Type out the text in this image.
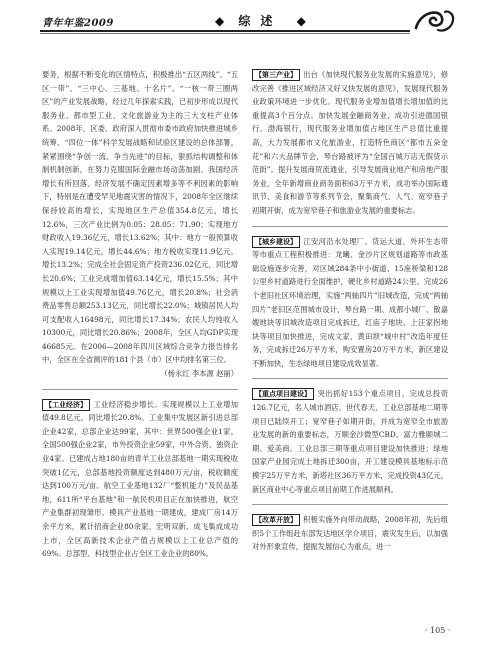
青年年鉴2009	◆ 综述 ◆

要务，根据不断变化的区情特点，积极推出“五区两线”、“五区一带”、“三中心、三基地、十名片”、“一核一带三圈两区”的产业发展战略，经过几年探索实践，已初步形成以现代服务业、都市型工业、文化旅游业为主的三大支柱产业体系。2008年，区委、政府深入贯彻市委市政府加快推进城乡统筹、“四位一体”科学发展战略和试验区建设的总体部署，紧紧围绕“争创一流、争当先进”的目标，狠抓结构调整和体制机制创新，在努力克服国际金融市场动荡加剧、我国经济增长有所回落、经济发展不确定因素增多等不利因素的影响下，特别是在遭受罕见地震灾害的情况下，2008年全区继续保持较高的增长，实现地区生产总值354.8亿元，增长12.6%，三次产业比例为0.05：28.05：71.90；实现地方财政收入19.36亿元，增长13.62%；其中：地方一般预算收入实现19.14亿元，增长44.6%；地方税收实现11.9亿元，增长13.2%；完成全社会固定资产投资236.02亿元，同比增长20.6%；工业完成增加值63.14亿元，增长15.5%；其中规模以上工业实现增加值49.76亿元，增长20.8%；社会消费品零售总额253.13亿元，同比增长22.0%；城镇居民人均可支配收入16498元，同比增长17.34%；农民人均纯收入10300元，同比增长20.86%；2008年，全区人均GDP实现46685元。在2006—2008年四川区域综合竞争力报告排名中，全区在全省测评的181个县（市）区中均排名第三位。

（杨永红 李本源 赵丽）

【工业经济】 工业经济稳步增长。实现规模以上工业增加值49.8亿元，同比增长20.8%。工业集中发展区新引进总部企业42家，总部企业达99家，其中：世界500强企业1家，全国500强企业2家，市外投资企业59家，中外合资、独资企业4家。已建成占地180亩的青羊工业总部基地一期实现税收突破1亿元，总部基地投资额度达到480万元/亩，税收额度达到100万元/亩。航空工业基地132厂“整机能力”及民品基地，611所“平台基地”和一航民机项目正在加快推进，航空产业集群初现雏形。模具产业基地一期建成，建成厂房14万余平方米，累计招商企业80余家。宏明双新、成飞集成成功上市，全区高新技术企业产值占规模以上工业总产值的69%。总部型、科技型企业占全区工业企业的80%。

【第三产业】 出台《加快现代服务业发展的实施意见》，修改完善《推进区域经济又好又快发展的意见》，发展现代服务业政策环境进一步优化。现代服务业增加值增长增加值的比重提高3个百分点。加快发展金融商务业，成功引进德国银行、渤海银行，现代服务业增加值占地区生产总值比重提高，大力发展都市文化旅游业，打造特色商区“都市五朵金花”和六大品牌节会，琴台路被评为“全国百城万店无假货示范街”。提升发展商贸流通业，引导发展商业地产和房地产服务业，全年新增商业商务面积63万平方米，成功举办国际通讯节、美食和游节等系列节会，聚集商气、人气、宽窄巷子初期开街，成为宽窄巷子和旅游业发展的重要标志。

【城乡建设】 江安河沿水处理厂、货运大道、外环生态带等市重点工程积极推进：龙曦、金沙片区规划道路等市政基础设施逐步完善，对区域284条中小街道、15座桥梁和128公里乡村道路进行全面维护，硬化乡村道路24公里。完成26个老旧社区环境治理，实施“两轴四片”旧城改造，完成“两轴四片”老旧区范围城市设计，琴台路一期、成都小城厂、散嘉嫂地块等旧城改造项目完成拆迁，红庙子地块、上汪家拐地块等项目加快推进，完成文家、黄田坝“城中村”改造年度任务，完成拆迁26万平方米，购安置房20万平方米，新区建设不断加快，生态绿地项目建设成效显著。

【重点项目建设】 突出抓好153个重点项目，完成总投资126.7亿元，名人城市酒店、世代春天、工业总部基地二期等项目已陆续开工；宽窄巷子如期开街，并成为宽窄全市旅游业发展的新的重要标志，万顺金沙微型CBD、富力雅颐城二期、爱美商、工业总部三期等重点项目建设加快推进；绿地国家产业园完成土地拆迁300亩，开工建设模具基地标示范模字25万平方米，新塔社区36万平方米，完成投资43亿元，新区商业中心等重点项目前期工作进展顺利。

【改革开放】 积极实施外向带动战略，2008年初，先后组织5个工作组赴东部发达地区学介项目，震灾发生后，以加强对外形象宣传，提振发展信心为重点，进一

· 105 ·
